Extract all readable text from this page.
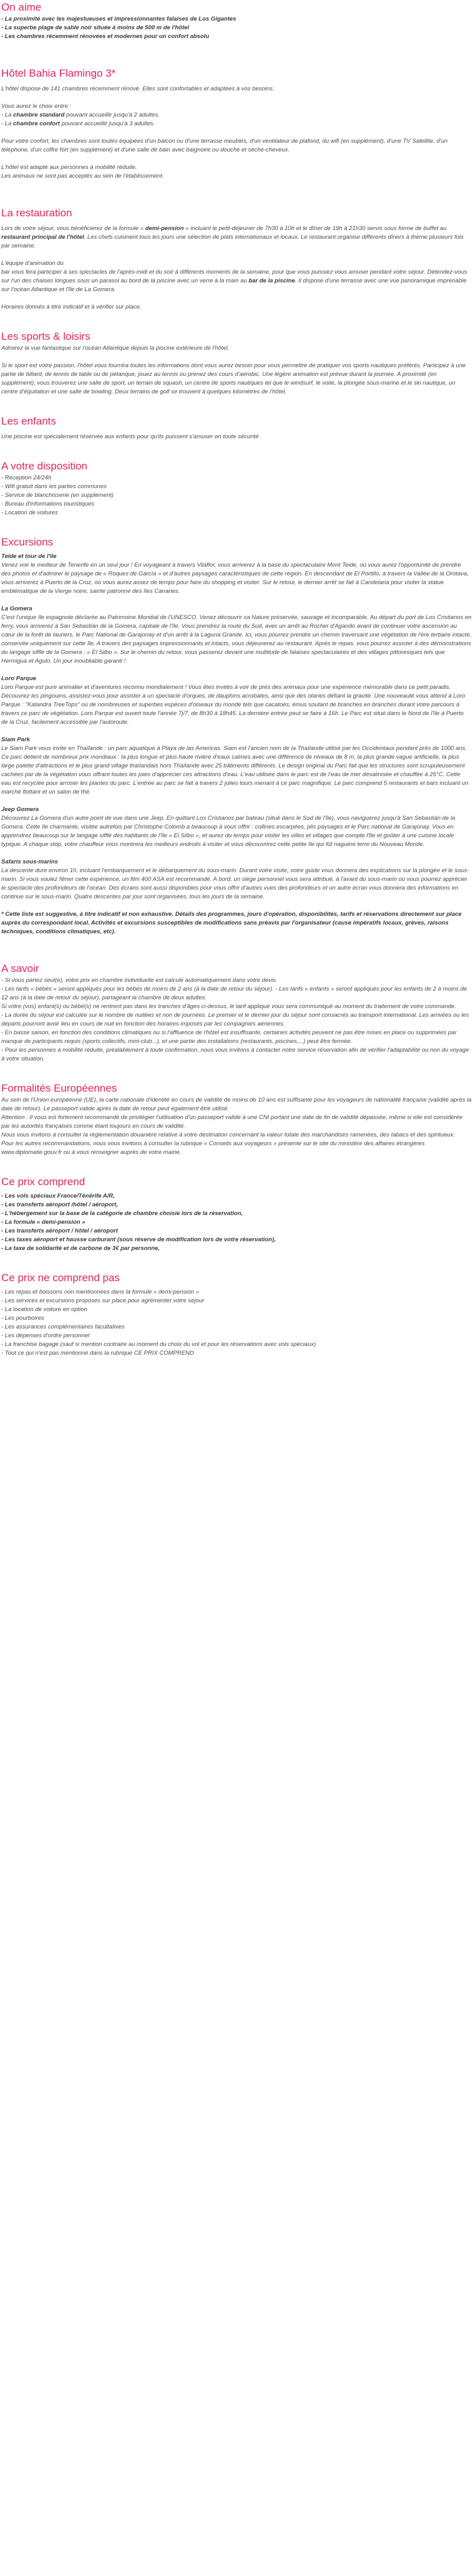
On aime

- La proximité avec les majestueuses et impressionnantes falaises de Los Gigantes

- La superbe plage de sable noir située à moins de 500 m de l'hôtel

- Les chambres récemment rénovées et modernes pour un confort absolu

Hôtel Bahia Flamingo 3*

L'hôtel dispose de 141 chambres récemment rénové. Elles sont confortables et adaptées à vos besoins.

Vous aurez le choix entre :

- La chambre standard pouvant accueillir jusqu'à 2 adultes.

- La chambre confort pouvant accueillir jusqu'à 3 adultes.

Pour votre confort, les chambres sont toutes équipées d'un balcon ou d'une terrasse meublés, d'un ventilateur de plafond, du wifi (en supplément), d'une TV Satellite, d'un téléphone, d'un coffre fort (en supplément) et d'une salle de bain avec baignoire ou douche et sèche-cheveux.

L'hôtel est adapté aux personnes à mobilité réduite.

Les animaux ne sont pas acceptés au sein de l'établissement.

La restauration

Lors de votre séjour, vous bénéficierez de la formule « demi-pension » incluant le petit-déjeuner de 7h30 à 10h et le dîner de 19h à 21h30 servis sous forme de buffet au restaurant principal de l'hôtel. Les chefs cuisinent tous les jours une sélection de plats internationaux et locaux. Le restaurant organise différents dîners à thème plusieurs fois par semaine.

L'équipe d'animation du

bar vous fera participer à ses spectacles de l'après-midi et du soir à différents moments de la semaine, pour que vous puissiez vous amuser pendant votre séjour. Détendez-vous sur l'un des chaises longues sous un parasol au bord de la piscine avec un verre à la main au bar de la piscine. Il dispose d'une terrasse avec une vue panoramique imprenable sur l'océan Atlantique et l'île de La Gomera.

Horaires donnés à titre indicatif et à vérifier sur place.

Les sports & loisirs

Admirez la vue fantastique sur l'océan Atlantique depuis la piscine extérieure de l'hôtel.

Si le sport est votre passion, l'hôtel vous fournira toutes les informations dont vous aurez besoin pour vous permettre de pratiquer vos sports nautiques préférés. Participez à une partie de billard, de tennis de table ou de pétanque, jouez au tennis ou prenez des cours d'aérobic. Une légère animation est prévue durant la journée. A proximité (en supplément), vous trouverez une salle de sport, un terrain de squash, un centre de sports nautiques tel que le windsurf, le voile, la plongée sous-marine et le ski nautique, un centre d'équitation et une salle de bowling. Deux terrains de golf se trouvent à quelques kilomètres de l'hôtel.

Les enfants

Une piscine est spécialement réservée aux enfants pour qu'ils puissent s'amuser en toute sécurité.

A votre disposition

- Réception 24/24h

- Wifi gratuit dans les parties communes

- Service de blanchisserie (en supplément)

- Bureau d'informations touristiques

- Location de voitures

Excursions

Teide et tour de l'île

Venez voir le meilleur de Tenerife en un seul jour ! En voyageant à travers Vilaflor, vous arriverez à la base du spectaculaire Mont Teide, où vous aurez l'opportunité de prendre des photos et d'admirer le paysage de « Roques de García » et d'autres paysages caractéristiques de cette région. En descendant de El Portillo, à travers la Vallée de la Orotava, vous arriverez à Puerto de la Cruz, où vous aurez assez de temps pour faire du shopping et visiter. Sur le retour, le dernier arrêt se fait à Candelaria pour visiter la statue emblématique de la Vierge noire, sainte patronne des îles Canaries.

La Gomera

C'est l'unique île espagnole déclarée au Patrimoine Mondial de l'UNESCO. Venez découvrir sa Nature préservée, sauvage et incomparable. Au départ du port de Los Cristianos en ferry, vous arriverez à San Sebastián de la Gomera, capitale de l'île. Vous prendrez la route du Sud, avec un arrêt au Rocher d'Agando avant de continuer votre ascension au cœur de la forêt de lauriers, le Parc National de Garajonay et d'un arrêt à la Laguna Grande. Ici, vous pourrez prendre un chemin traversant une végétation de l'ère tertiaire intacte, conservée uniquement sur cette île. A travers des paysages impressionnants et intacts, vous déjeunerez au restaurant. Après le repas, vous pourrez assister à des démonstrations du langage sifflé de la Gomera : « El Silbo ». Sur le chemin du retour, vous passerez devant une multitude de falaises spectaculaires et des villages pittoresques tels que Hermigua et Agulo. Un jour inoubliable garanti !

Loro Parque

Loro Parque est pure animalier et d'aventures reconnu mondialement ! Vous êtes invités à voir de près des animaux pour une expérience mémorable dans ce petit paradis. Découvrez les pingouins, assistez-vous pour assister à un spectacle d'orques, de dauphins acrobates, ainsi que des otaries défiant la gravité. Une nouveauté vous attend à Loro Parque : "Katandra TreeTops" où de nombreuses et superbes espèces d'oiseaux du monde tels que cacatoès, émus soutant de branches en branches durant votre parcours à travers ce parc de végétation. Loro Parque est ouvert toute l'année 7j/7, de 8h30 à 18h45. La dernière entrée peut se faire à 16h. Le Parc est situé dans le Nord de l'île à Puerto de la Cruz, facilement accessible par l'autoroute.

Siam Park

Le Siam Park vous invite en Thaïlande : un parc aquatique à Playa de las Americas. Siam est l'ancien nom de la Thaïlande utilisé par les Occidentaux pendant près de 1000 ans. Ce parc détient de nombreux prix mondiaux : la plus longue et plus haute rivière d'eaux calmes avec une différence de niveaux de 8 m, la plus grande vague artificielle, la plus large palette d'attractions et le plus grand village thaïlandais hors Thaïlande avec 25 bâtiments différents. Le design original du Parc fait que les structures sont scrupuleusement cachées par de la végétation vous offrant toutes les joies d'apprécier ces attractions d'eau. L'eau utilisée dans le parc est de l'eau de mer désalinisée et chauffée à 25°C. Cette eau est recyclée pour arroser les plantes du parc. L'entrée au parc se fait à travers 2 jolies tours menant à ce parc magnifique. Le parc comprend 5 restaurants et bars incluant un marché flottant et un salon de thé.

Jeep Gomera

Découvrez La Gomera d'un autre point de vue dans une Jeep. En quittant Los Cristianos par bateau (situé dans le Sud de l'île), vous naviguerez jusqu'à San Sebastián de la Gomera. Cette île charmante, visitée autrefois par Christophe Colomb a beaucoup à vous offrir : collines escarpées, plis paysages et le Parc national de Garajonay. Vous en apprendrez beaucoup sur le langage sifflé des habitants de l'île « El Silbo », et aurez du temps pour visiter les villes et villages que compte l'île et goûter à une cuisine locale typique. A chaque stop, votre chauffeur vous montrera les meilleurs endroits à visiter et vous découvrirez cette petite île qui fût naguère terre du Nouveau Monde.

Safaris sous-marins

La descente dure environ 1h, incluant l'embarquement et le débarquement du sous-marin. Durant votre visite, votre guide vous donnera des explications sur la plongée et le sous-marin. Si vous voulez filmer cette expérience, un film 400 ASA est recommandé. A bord, un siège personnel vous sera attribué, à l'avant du sous-marin où vous pourrez apprécier le spectacle des profondeurs de l'océan. Des écrans sont aussi disponibles pour vous offrir d'autres vues des profondeurs et un autre écran vous donnera des informations en continue sur le sous-marin. Quatre descentes par jour sont organisées, tous les jours de la semaine.

* Cette liste est suggestive, à titre indicatif et non exhaustive. Détails des programmes, jours d'opération, disponibilités, tarifs et réservations directement sur place auprès du correspondant local. Activités et excursions susceptibles de modifications sans préavis par l'organisateur (cause impératifs locaux, grèves, raisons techniques, conditions climatiques, etc).

A savoir

- Si vous partez seul(e), votre prix en chambre individuelle est calculé automatiquement dans votre devis.

- Les tarifs « bébés » seront appliqués pour les bébés de moins de 2 ans (à la date de retour du séjour). - Les tarifs « enfants » seront appliqués pour les enfants de 2 à moins de 12 ans (à la date de retour du séjour), partageant la chambre de deux adultes.

Si votre (vos) enfant(s) ou bébé(s) ne rentrent pas dans les tranches d'âges ci-dessus, le tarif appliqué vous sera communiqué au moment du traitement de votre commande.

- La durée du séjour est calculée sur le nombre de nuitées et non de journées. Le premier et le dernier jour du séjour sont consacrés au transport international. Les arrivées ou les départs pourront avoir lieu en cours de nuit en fonction des horaires imposés par les compagnies aériennes.

- En basse saison, en fonction des conditions climatiques ou si l'affluence de l'hôtel est insuffisante, certaines activités peuvent ne pas être mises en place ou supprimées par manque de participants requis (sports collectifs, mini-club...), et une partie des installations (restaurants, piscines,...) peut être fermée.

- Pour les personnes à mobilité réduite, préalablement à toute confirmation, nous vous invitons à contacter notre service réservation afin de vérifier l'adaptabilité ou non du voyage à votre situation.

Formalités Européennes

Au sein de l'Union européenne (UE), la carte nationale d'identité en cours de validité de moins de 10 ans est suffisante pour les voyageurs de nationalité française (validité après la date de retour). Le passeport valide après la date de retour peut également être utilisé.

Attention : Il vous est fortement recommandé de privilégier l'utilisation d'un passeport valide à une CNI portant une date de fin de validité dépassée, même si elle est considérée par les autorités françaises comme étant toujours en cours de validité.

Nous vous invitons à consulter la réglementation douanière relative à votre destination concernant la valeur totale des marchandises ramenées, des tabacs et des spiritueux.

Pour les autres recommandations, nous vous invitons à consulter la rubrique « Conseils aux voyageurs » présente sur le site du ministère des affaires étrangères www.diplomatie.gouv.fr ou à vous renseigner auprès de votre mairie.

Ce prix comprend

- Les vols spéciaux France/Ténérife A/R,

- Les transferts aéroport /hôtel / aéroport,

- L'hébergement sur la base de la catégorie de chambre choisie lors de la réservation,

- La formule « demi-pension »

- Les transferts aéroport / hôtel / aéroport

- Les taxes aéroport et hausse carburant (sous réserve de modification lors de votre réservation),

- La taxe de solidarité et de carbone de 3€ par personne,

Ce prix ne comprend pas

- Les repas et boissons non mentionnées dans la formule « demi-pension »

- Les services et excursions proposés sur place pour agrémenter votre séjour

- La location de voiture en option

- Les pourboires

- Les assurances complémentaires facultatives

- Les dépenses d'ordre personnel

- La franchise bagage (sauf si mention contraire au moment du choix du vol et pour les réservations avec vols spéciaux)

- Tout ce qui n'est pas mentionné dans la rubrique CE PRIX COMPREND
